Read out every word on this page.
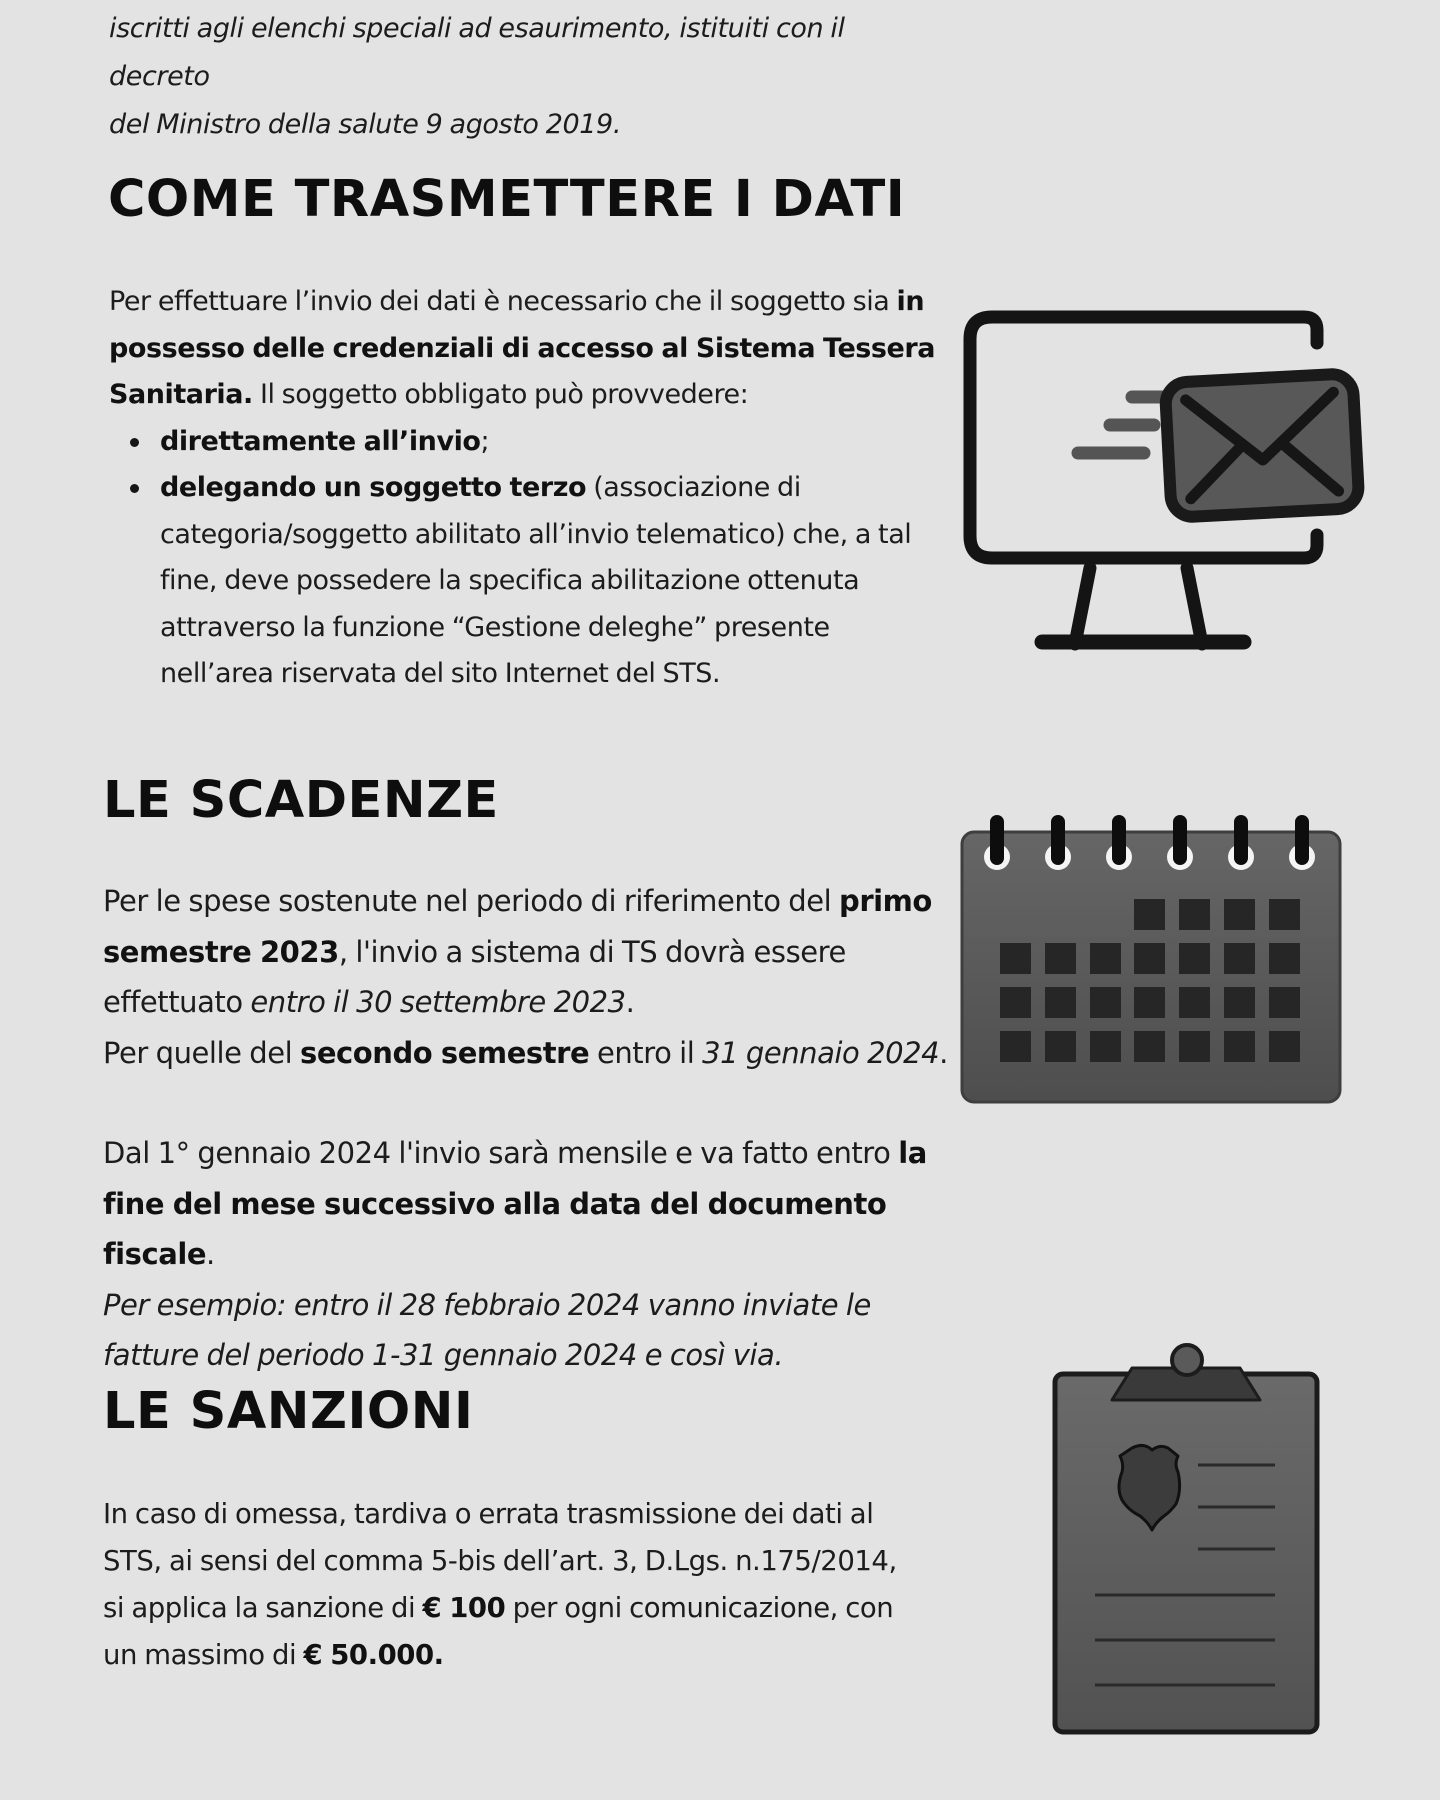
iscritti agli elenchi speciali ad esaurimento, istituiti con il decreto
del Ministro della salute 9 agosto 2019.
COME TRASMETTERE I DATI
Per effettuare l’invio dei dati è necessario che il soggetto sia in possesso delle credenziali di accesso al Sistema Tessera Sanitaria. Il soggetto obbligato può provvedere:
direttamente all’invio;
delegando un soggetto terzo (associazione di categoria/soggetto abilitato all’invio telematico) che, a tal fine, deve possedere la specifica abilitazione ottenuta attraverso la funzione “Gestione deleghe” presente nell’area riservata del sito Internet del STS.
LE SCADENZE
Per le spese sostenute nel periodo di riferimento del primo semestre 2023, l'invio a sistema di TS dovrà essere effettuato entro il 30 settembre 2023.
Per quelle del secondo semestre entro il 31 gennaio 2024.
Dal 1° gennaio 2024 l'invio sarà mensile e va fatto entro la fine del mese successivo alla data del documento fiscale.
Per esempio: entro il 28 febbraio 2024 vanno inviate le fatture del periodo 1-31 gennaio 2024 e così via.
LE SANZIONI
In caso di omessa, tardiva o errata trasmissione dei dati al STS, ai sensi del comma 5-bis dell’art. 3, D.Lgs. n.175/2014, si applica la sanzione di € 100 per ogni comunicazione, con un massimo di € 50.000.
